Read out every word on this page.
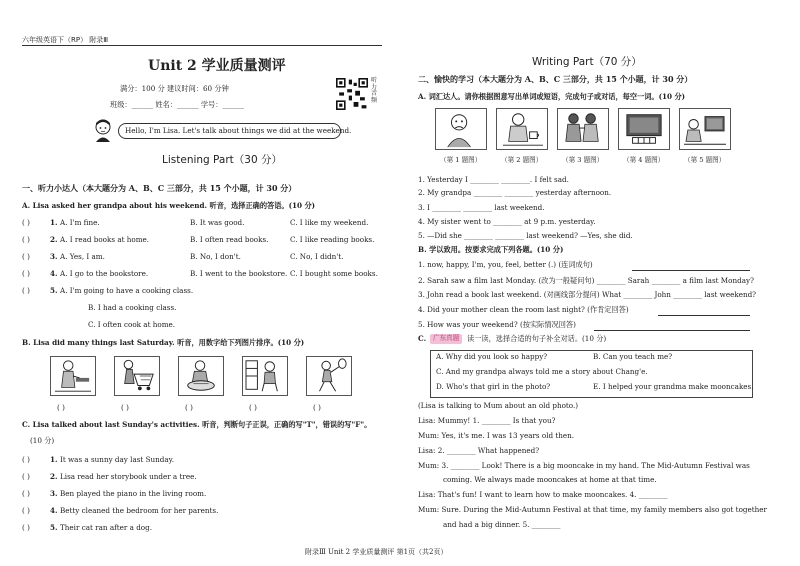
六年级英语下（RP） 附录Ⅲ
Unit 2 学业质量测评
满分：100 分 建议时间：60 分钟
班级：______ 姓名：______ 学号：______
听力音频
Hello, I'm Lisa. Let's talk about things we did at the weekend.
Listening Part（30 分）
一、听力小达人（本大题分为 A、B、C 三部分，共 15 个小题，计 30 分）
A. Lisa asked her grandpa about his weekend. 听音，选择正确的答语。(10 分)
( )	1. A. I'm fine.	B. It was good.	C. I like my weekend.
( )	2. A. I read books at home.	B. I often read books.	C. I like reading books.
( )	3. A. Yes, I am.	B. No, I don't.	C. No, I didn't.
( )	4. A. I go to the bookstore.	B. I went to the bookstore. C. I bought some books.
( )	5. A. I'm going to have a cooking class.
B. I had a cooking class.
C. I often cook at home.
B. Lisa did many things last Saturday. 听音，用数字给下列图片排序。(10 分)
( )	( )	( )	( )	( )
C. Lisa talked about last Sunday's activities. 听音，判断句子正误，正确的写"T"，错误的写"F"。
(10 分)
( )	1. It was a sunny day last Sunday.
( )	2. Lisa read her storybook under a tree.
( )	3. Ben played the piano in the living room.
( )	4. Betty cleaned the bedroom for her parents.
( )	5. Their cat ran after a dog.
Writing Part（70 分）
二、愉快的学习（本大题分为 A、B、C 三部分，共 15 个小题，计 30 分）
A. 词汇达人。请你根据图意写出单词或短语，完成句子或对话，每空一词。(10 分)
（第 1 题图）	（第 2 题图）	（第 3 题图）	（第 4 题图）	（第 5 题图）
1. Yesterday I ________ ________. I felt sad.
2. My grandpa ________ ________ yesterday afternoon.
3. I ________ ________ last weekend.
4. My sister went to ________ at 9 p.m. yesterday.
5. —Did she ________ ________ last weekend? —Yes, she did.
B. 学以致用。按要求完成下列各题。(10 分)
1. now, happy, I'm, you, feel, better (.) (连词成句)
2. Sarah saw a film last Monday. (改为一般疑问句) ________ Sarah ________ a film last Monday?
3. John read a book last weekend. (对画线部分提问) What ________ John ________ last weekend?
4. Did your mother clean the room last night? (作肯定回答)
5. How was your weekend? (按实际情况回答)
C.	广东真题	读一读，选择合适的句子补全对话。(10 分)
A. Why did you look so happy?	B. Can you teach me?
C. And my grandpa always told me a story about Chang'e.
D. Who's that girl in the photo?	E. I helped your grandma make mooncakes.
(Lisa is talking to Mum about an old photo.)
Lisa: Mummy! 1. ________ Is that you?
Mum: Yes, it's me. I was 13 years old then.
Lisa: 2. ________ What happened?
Mum: 3. ________ Look! There is a big mooncake in my hand. The Mid-Autumn Festival was
coming. We always made mooncakes at home at that time.
Lisa: That's fun! I want to learn how to make mooncakes. 4. ________
Mum: Sure. During the Mid-Autumn Festival at that time, my family members also got together
and had a big dinner. 5. ________
附录Ⅲ Unit 2 学业质量测评 第1页（共2页）
